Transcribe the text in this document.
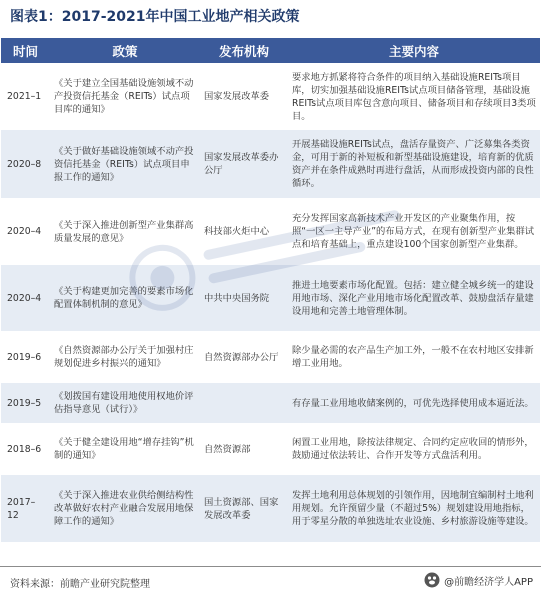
图表1：2017-2021年中国工业地产相关政策
时间	政策	发布机构	主要内容
2021–1	《关于建立全国基础设施领域不动产投资信托基金（REITs）试点项目库的通知》	国家发展改革委	要求地方抓紧将符合条件的项目纳入基础设施REITs项目库，切实加强基础设施REITs试点项目储备管理，基础设施REITs试点项目库包含意向项目、储备项目和存续项目3类项目。
2020–8	《关于做好基础设施领域不动产投资信托基金（REITs）试点项目申报工作的通知》	国家发展改革委办公厅	开展基础设施REITs试点，盘活存量资产、广泛募集各类资金，可用于新的补短板和新型基础设施建设，培育新的优质资产并在条件成熟时再进行盘活，从而形成投资内部的良性循环。
2020–4	《关于深入推进创新型产业集群高质量发展的意见》	科技部火炬中心	充分发挥国家高新技术产业开发区的产业聚集作用，按照“一区一主导产业”的布局方式，在现有创新型产业集群试点和培育基础上，重点建设100个国家创新型产业集群。
2020–4	《关于构建更加完善的要素市场化配置体制机制的意见》	中共中央国务院	推进土地要素市场化配置。包括：建立健全城乡统一的建设用地市场、深化产业用地市场化配置改革、鼓励盘活存量建设用地和完善土地管理体制。
2019–6	《自然资源部办公厅关于加强村庄规划促进乡村振兴的通知》	自然资源部办公厅	除少量必需的农产品生产加工外，一般不在农村地区安排新增工业用地。
2019–5	《划拨国有建设用地使用权地价评估指导意见（试行）》		有存量工业用地收储案例的，可优先选择使用成本逼近法。
2018–6	《关于健全建设用地“增存挂钩”机制的通知》	自然资源部	闲置工业用地，除按法律规定、合同约定应收回的情形外，鼓励通过依法转让、合作开发等方式盘活利用。
2017–12	《关于深入推进农业供给侧结构性改革做好农村产业融合发展用地保障工作的通知》	国土资源部、国家发展改革委	发挥土地利用总体规划的引领作用，因地制宜编制村土地利用规划。允许预留少量（不超过5%）规划建设用地指标，用于零星分散的单独选址农业设施、乡村旅游设施等建设。
资料来源：前瞻产业研究院整理	@前瞻经济学人APP
